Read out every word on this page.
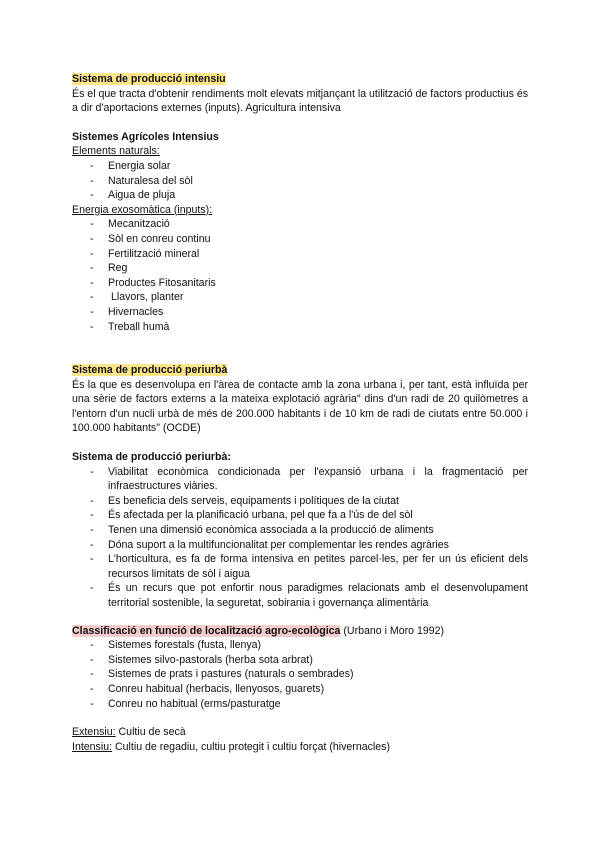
Sistema de producció intensiu

És el que tracta d'obtenir rendiments molt elevats mitjançant la utilització de factors productius és a dir d'aportacions externes (inputs). Agricultura intensiva

Sistemes Agrícoles Intensius

Elements naturals:

- Energia solar
- Naturalesa del sòl
- Aigua de pluja

Energia exosomàtica (inputs):

- Mecanització
- Sòl en conreu continu
- Fertilització mineral
- Reg
- Productes Fitosanitaris
- Llavors, planter
- Hivernacles
- Treball humà

Sistema de producció periurbà

És la que es desenvolupa en l'àrea de contacte amb la zona urbana i, per tant, està influïda per una sèrie de factors externs a la mateixa explotació agrària" dins d'un radi de 20 quilòmetres a l'entorn d'un nucli urbà de més de 200.000 habitants i de 10 km de radi de ciutats entre 50.000 i 100.000 habitants" (OCDE)

Sistema de producció periurbà:

- Viabilitat econòmica condicionada per l'expansió urbana i la fragmentació per infraestructures viàries.
- Es beneficia dels serveis, equipaments i polítiques de la ciutat
- És afectada per la planificació urbana, pel que fa a l'ús de del sòl
- Tenen una dimensió econòmica associada a la producció de aliments
- Dóna suport a la multifuncionalitat per complementar les rendes agràries
- L'horticultura, es fa de forma intensiva en petites parcel·les, per fer un ús eficient dels recursos limitats de sòl i aigua
- És un recurs que pot enfortir nous paradigmes relacionats amb el desenvolupament territorial sostenible, la seguretat, sobirania i governança alimentària

Classificació en funció de localització agro-ecològica (Urbano i Moro 1992)

- Sistemes forestals (fusta, llenya)
- Sistemes silvo-pastorals (herba sota arbrat)
- Sistemes de prats i pastures (naturals o sembrades)
- Conreu habitual (herbacis, llenyosos, guarets)
- Conreu no habitual (erms/pasturatge

Extensiu: Cultiu de secà

Intensiu: Cultiu de regadiu, cultiu protegit i cultiu forçat (hivernacles)
